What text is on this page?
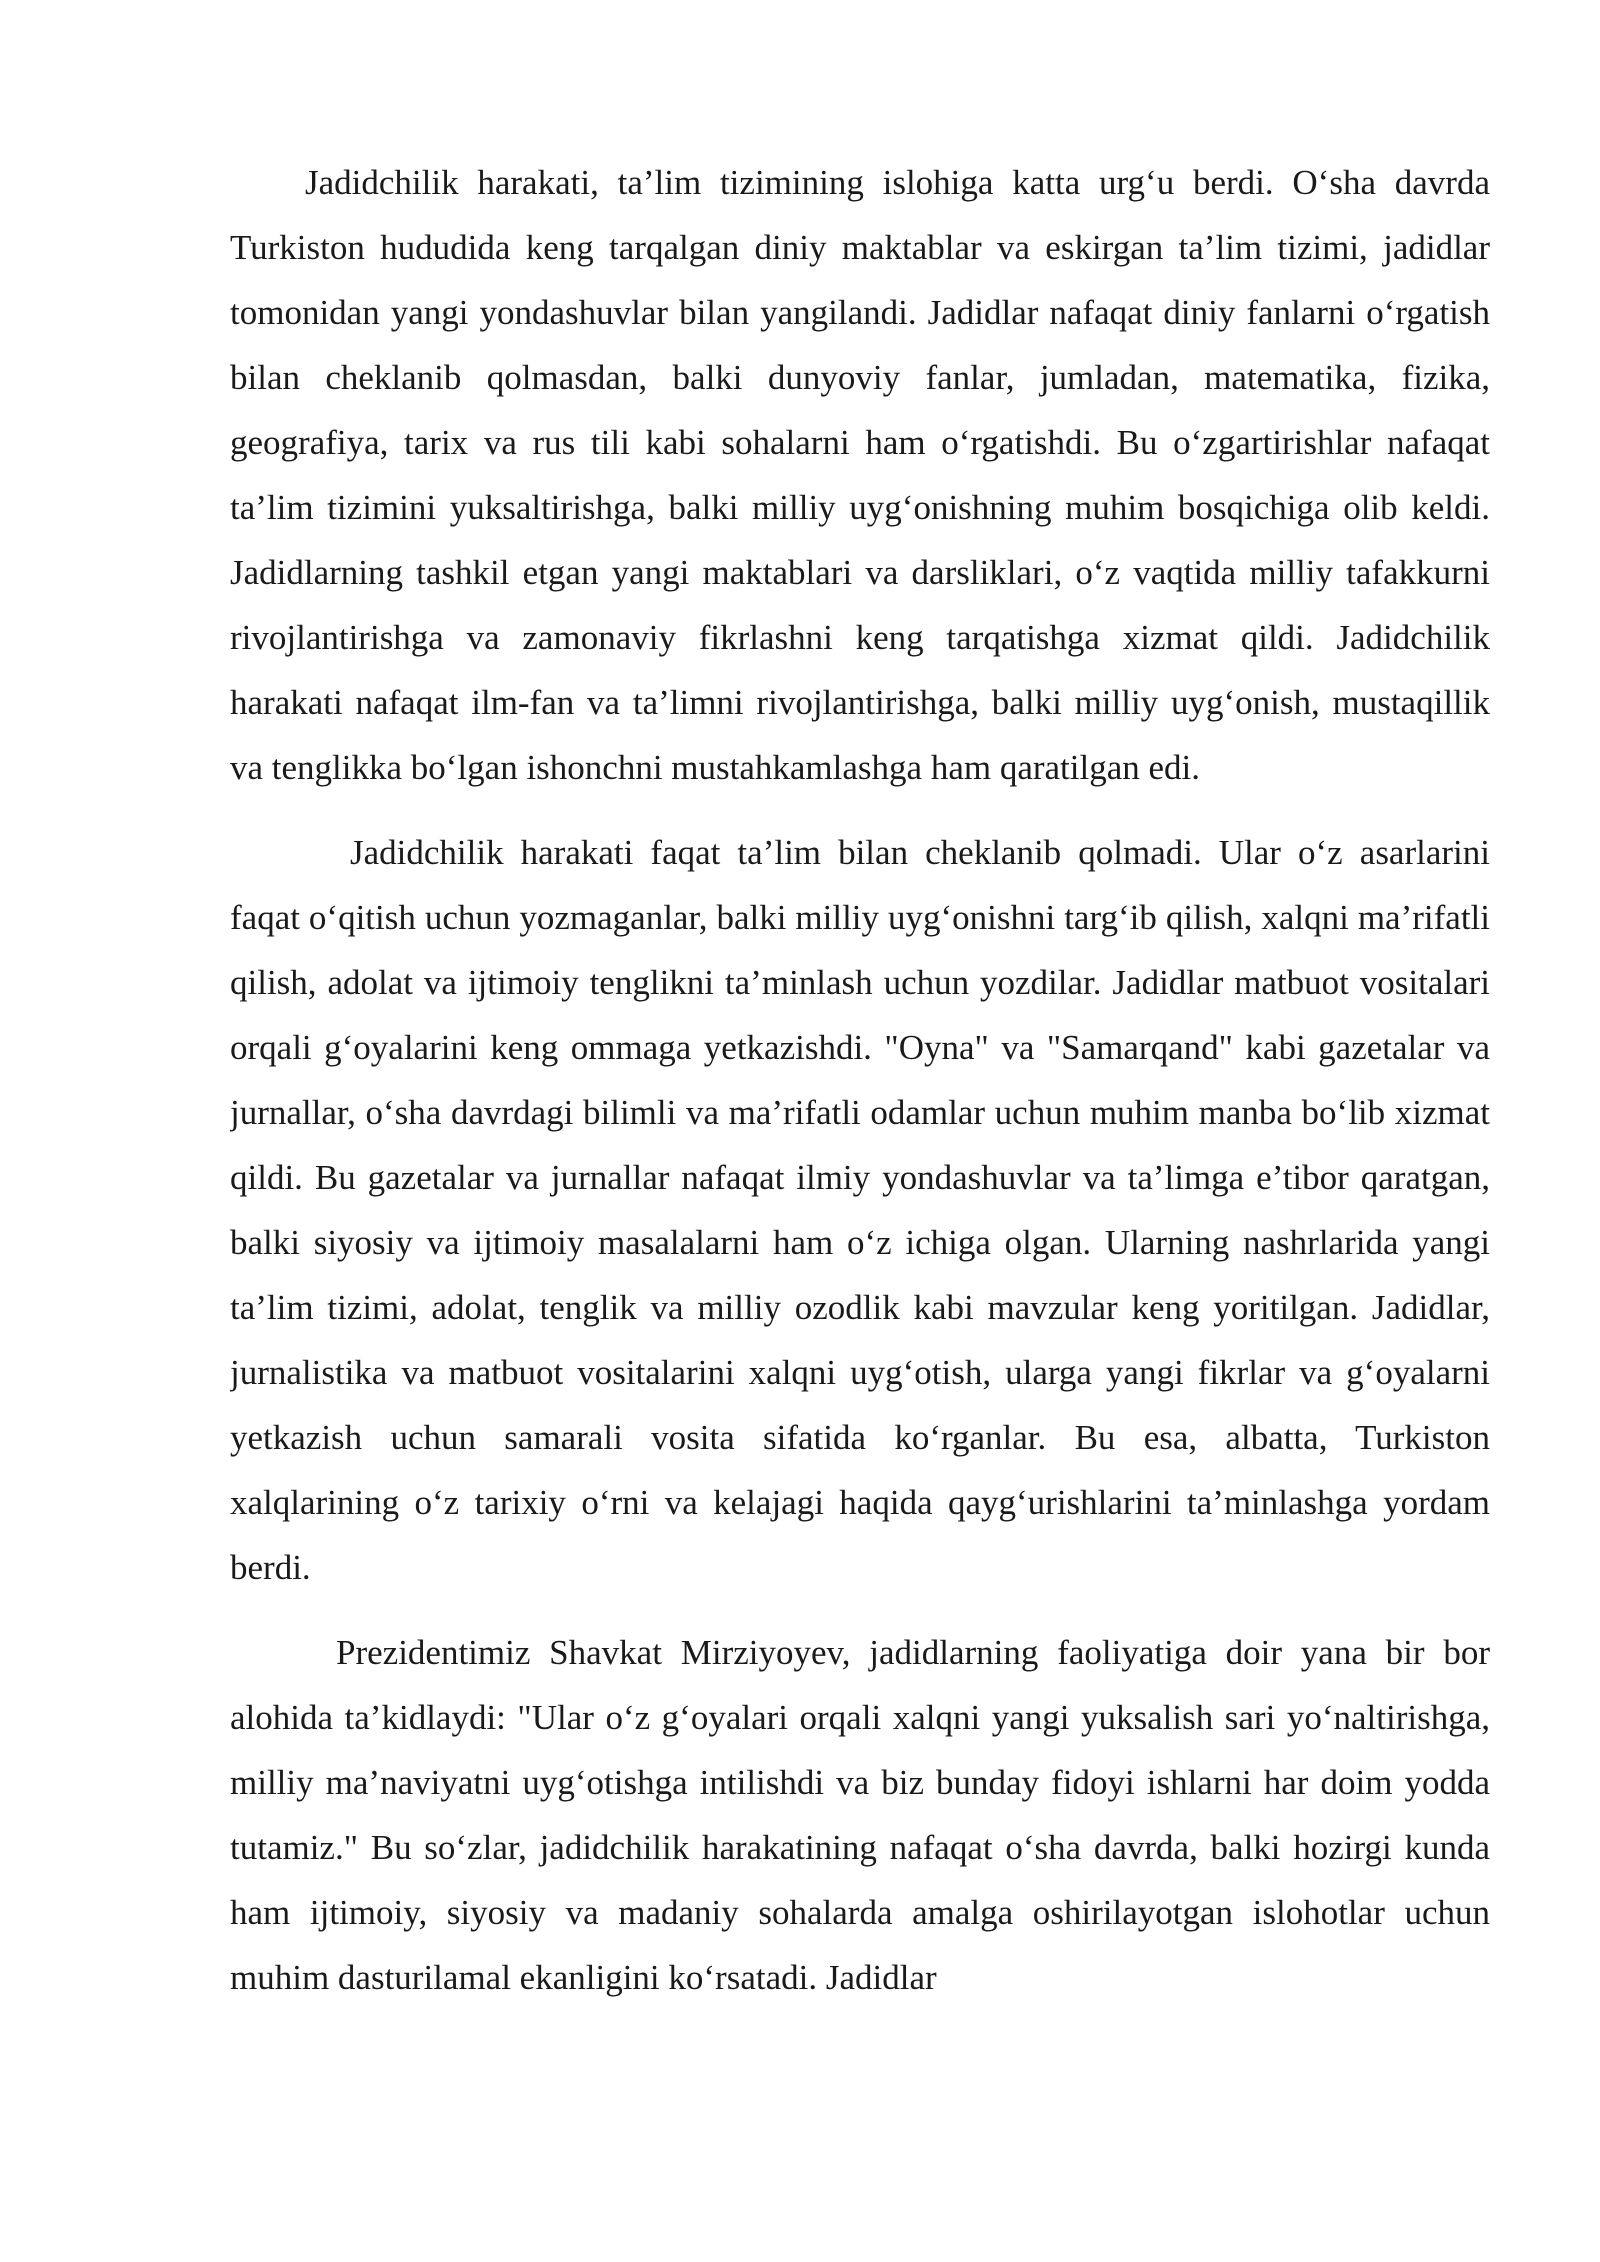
Jadidchilik harakati, ta’lim tizimining islohiga katta urg‘u berdi. O‘sha davrda Turkiston hududida keng tarqalgan diniy maktablar va eskirgan ta’lim tizimi, jadidlar tomonidan yangi yondashuvlar bilan yangilandi. Jadidlar nafaqat diniy fanlarni o‘rgatish bilan cheklanib qolmasdan, balki dunyoviy fanlar, jumladan, matematika, fizika, geografiya, tarix va rus tili kabi sohalarni ham o‘rgatishdi. Bu o‘zgartirishlar nafaqat ta’lim tizimini yuksaltirishga, balki milliy uyg‘onishning muhim bosqichiga olib keldi. Jadidlarning tashkil etgan yangi maktablari va darsliklari, o‘z vaqtida milliy tafakkurni rivojlantirishga va zamonaviy fikrlashni keng tarqatishga xizmat qildi. Jadidchilik harakati nafaqat ilm-fan va ta’limni rivojlantirishga, balki milliy uyg‘onish, mustaqillik va tenglikka bo‘lgan ishonchni mustahkamlashga ham qaratilgan edi.

Jadidchilik harakati faqat ta’lim bilan cheklanib qolmadi. Ular o‘z asarlarini faqat o‘qitish uchun yozmaganlar, balki milliy uyg‘onishni targ‘ib qilish, xalqni ma’rifatli qilish, adolat va ijtimoiy tenglikni ta’minlash uchun yozdilar. Jadidlar matbuot vositalari orqali g‘oyalarini keng ommaga yetkazishdi. "Oyna" va "Samarqand" kabi gazetalar va jurnallar, o‘sha davrdagi bilimli va ma’rifatli odamlar uchun muhim manba bo‘lib xizmat qildi. Bu gazetalar va jurnallar nafaqat ilmiy yondashuvlar va ta’limga e’tibor qaratgan, balki siyosiy va ijtimoiy masalalarni ham o‘z ichiga olgan. Ularning nashrlarida yangi ta’lim tizimi, adolat, tenglik va milliy ozodlik kabi mavzular keng yoritilgan. Jadidlar, jurnalistika va matbuot vositalarini xalqni uyg‘otish, ularga yangi fikrlar va g‘oyalarni yetkazish uchun samarali vosita sifatida ko‘rganlar. Bu esa, albatta, Turkiston xalqlarining o‘z tarixiy o‘rni va kelajagi haqida qayg‘urishlarini ta’minlashga yordam berdi.

Prezidentimiz Shavkat Mirziyoyev, jadidlarning faoliyatiga doir yana bir bor alohida ta’kidlaydi: "Ular o‘z g‘oyalari orqali xalqni yangi yuksalish sari yo‘naltirishga, milliy ma’naviyatni uyg‘otishga intilishdi va biz bunday fidoyi ishlarni har doim yodda tutamiz." Bu so‘zlar, jadidchilik harakatining nafaqat o‘sha davrda, balki hozirgi kunda ham ijtimoiy, siyosiy va madaniy sohalarda amalga oshirilayotgan islohotlar uchun muhim dasturilamal ekanligini ko‘rsatadi. Jadidlar
